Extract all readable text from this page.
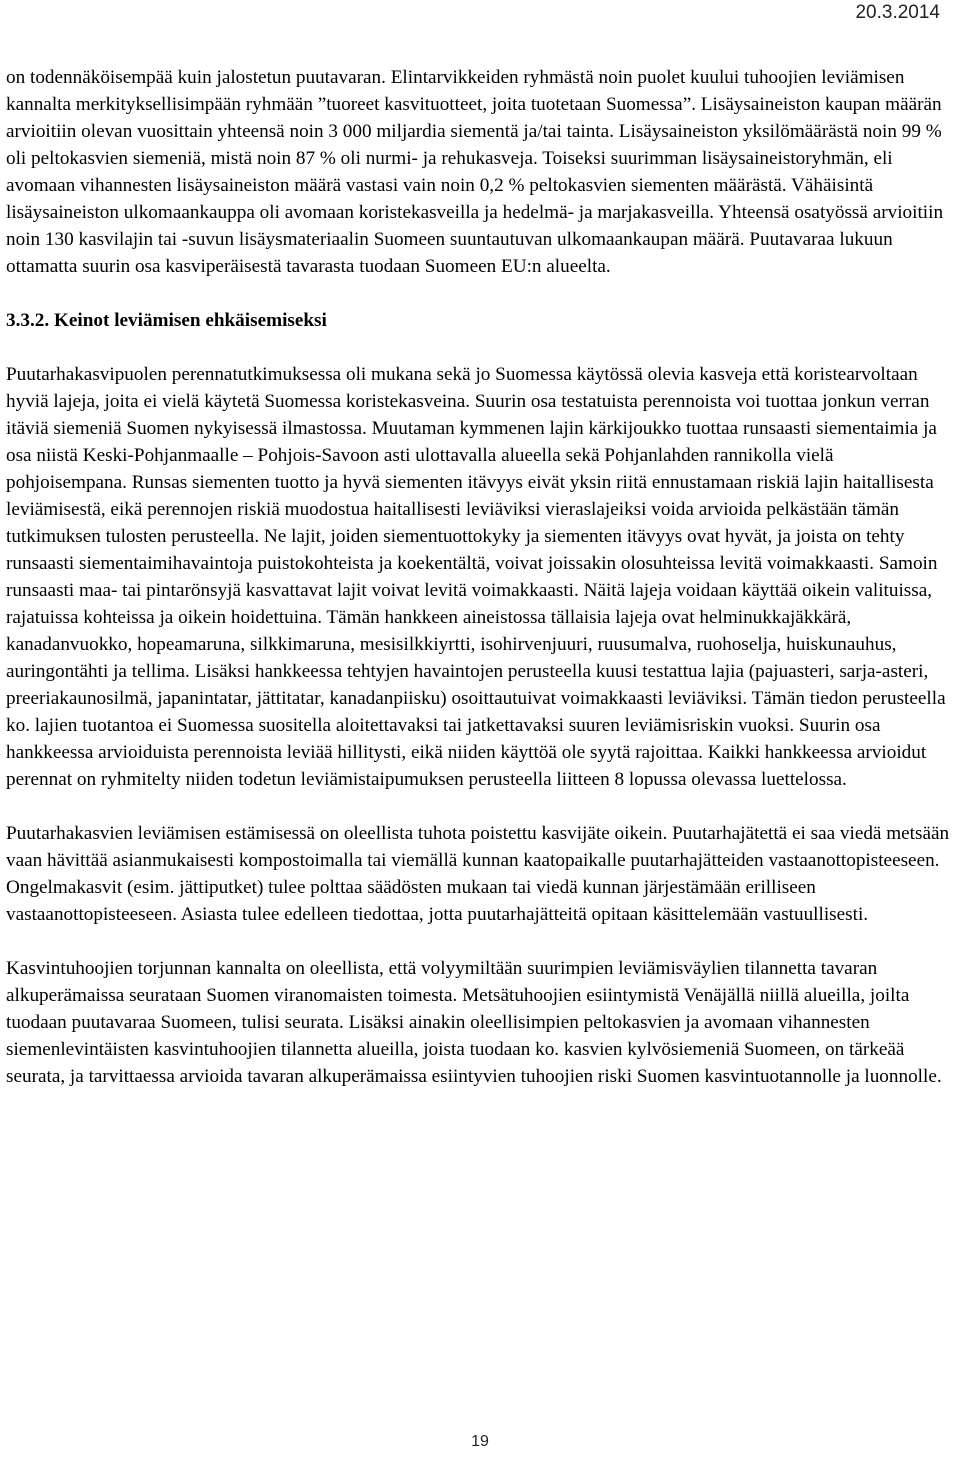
20.3.2014

on todennäköisempää kuin jalostetun puutavaran. Elintarvikkeiden ryhmästä noin puolet kuului tuhoojien leviämisen kannalta merkityksellisimpään ryhmään ”tuoreet kasvituotteet, joita tuotetaan Suomessa”. Lisäysaineiston kaupan määrän arvioitiin olevan vuosittain yhteensä noin 3 000 miljardia siementä ja/tai tainta. Lisäysaineiston yksilömäärästä noin 99 % oli peltokasvien siemeniä, mistä noin 87 % oli nurmi- ja rehukasveja. Toiseksi suurimman lisäysaineistoryhmän, eli avomaan vihannesten lisäysaineiston määrä vastasi vain noin 0,2 % peltokasvien siementen määrästä. Vähäisintä lisäysaineiston ulkomaankauppa oli avomaan koristekasveilla ja hedelmä- ja marjakasveilla. Yhteensä osatyössä arvioitiin noin 130 kasvilajin tai -suvun lisäysmateriaalin Suomeen suuntautuvan ulkomaankaupan määrä. Puutavaraa lukuun ottamatta suurin osa kasviperäisestä tavarasta tuodaan Suomeen EU:n alueelta.

3.3.2. Keinot leviämisen ehkäisemiseksi

Puutarhakasvipuolen perennatutkimuksessa oli mukana sekä jo Suomessa käytössä olevia kasveja että koristearvoltaan hyviä lajeja, joita ei vielä käytetä Suomessa koristekasveina. Suurin osa testatuista perennoista voi tuottaa jonkun verran itäviä siemeniä Suomen nykyisessä ilmastossa. Muutaman kymmenen lajin kärkijoukko tuottaa runsaasti siementaimia ja osa niistä Keski-Pohjanmaalle – Pohjois-Savoon asti ulottavalla alueella sekä Pohjanlahden rannikolla vielä pohjoisempana. Runsas siementen tuotto ja hyvä siementen itävyys eivät yksin riitä ennustamaan riskiä lajin haitallisesta leviämisestä, eikä perennojen riskiä muodostua haitallisesti leviäviksi vieraslajeiksi voida arvioida pelkästään tämän tutkimuksen tulosten perusteella. Ne lajit, joiden siementuottokyky ja siementen itävyys ovat hyvät, ja joista on tehty runsaasti siementaimihavaintoja puistokohteista ja koekentältä, voivat joissakin olosuhteissa levitä voimakkaasti. Samoin runsaasti maa- tai pintarönsyjä kasvattavat lajit voivat levitä voimakkaasti. Näitä lajeja voidaan käyttää oikein valituissa, rajatuissa kohteissa ja oikein hoidettuina. Tämän hankkeen aineistossa tällaisia lajeja ovat helminukkajäkkärä, kanadanvuokko, hopeamaruna, silkkimaruna, mesisilkkiyrtti, isohirvenjuuri, ruusumalva, ruohoselja, huiskunauhus, auringontähti ja tellima. Lisäksi hankkeessa tehtyjen havaintojen perusteella kuusi testattua lajia (pajuasteri, sarja-asteri, preeriakaunosilmä, japanintatar, jättitatar, kanadanpiisku) osoittautuivat voimakkaasti leviäviksi. Tämän tiedon perusteella ko. lajien tuotantoa ei Suomessa suositella aloitettavaksi tai jatkettavaksi suuren leviämisriskin vuoksi. Suurin osa hankkeessa arvioiduista perennoista leviää hillitysti, eikä niiden käyttöä ole syytä rajoittaa. Kaikki hankkeessa arvioidut perennat on ryhmitelty niiden todetun leviämistaipumuksen perusteella liitteen 8 lopussa olevassa luettelossa.

Puutarhakasvien leviämisen estämisessä on oleellista tuhota poistettu kasvijäte oikein. Puutarhajätettä ei saa viedä metsään vaan hävittää asianmukaisesti kompostoimalla tai viemällä kunnan kaatopaikalle puutarhajätteiden vastaanottopisteeseen. Ongelmakasvit (esim. jättiputket) tulee polttaa säädösten mukaan tai viedä kunnan järjestämään erilliseen vastaanottopisteeseen. Asiasta tulee edelleen tiedottaa, jotta puutarhajätteitä opitaan käsittelemään vastuullisesti.

Kasvintuhoojien torjunnan kannalta on oleellista, että volyymiltään suurimpien leviämisväylien tilannetta tavaran alkuperämaissa seurataan Suomen viranomaisten toimesta. Metsätuhoojien esiintymistä Venäjällä niillä alueilla, joilta tuodaan puutavaraa Suomeen, tulisi seurata. Lisäksi ainakin oleellisimpien peltokasvien ja avomaan vihannesten siemenlevintäisten kasvintuhoojien tilannetta alueilla, joista tuodaan ko. kasvien kylvösiemeniä Suomeen, on tärkeää seurata, ja tarvittaessa arvioida tavaran alkuperämaissa esiintyvien tuhoojien riski Suomen kasvintuotannolle ja luonnolle.

19
